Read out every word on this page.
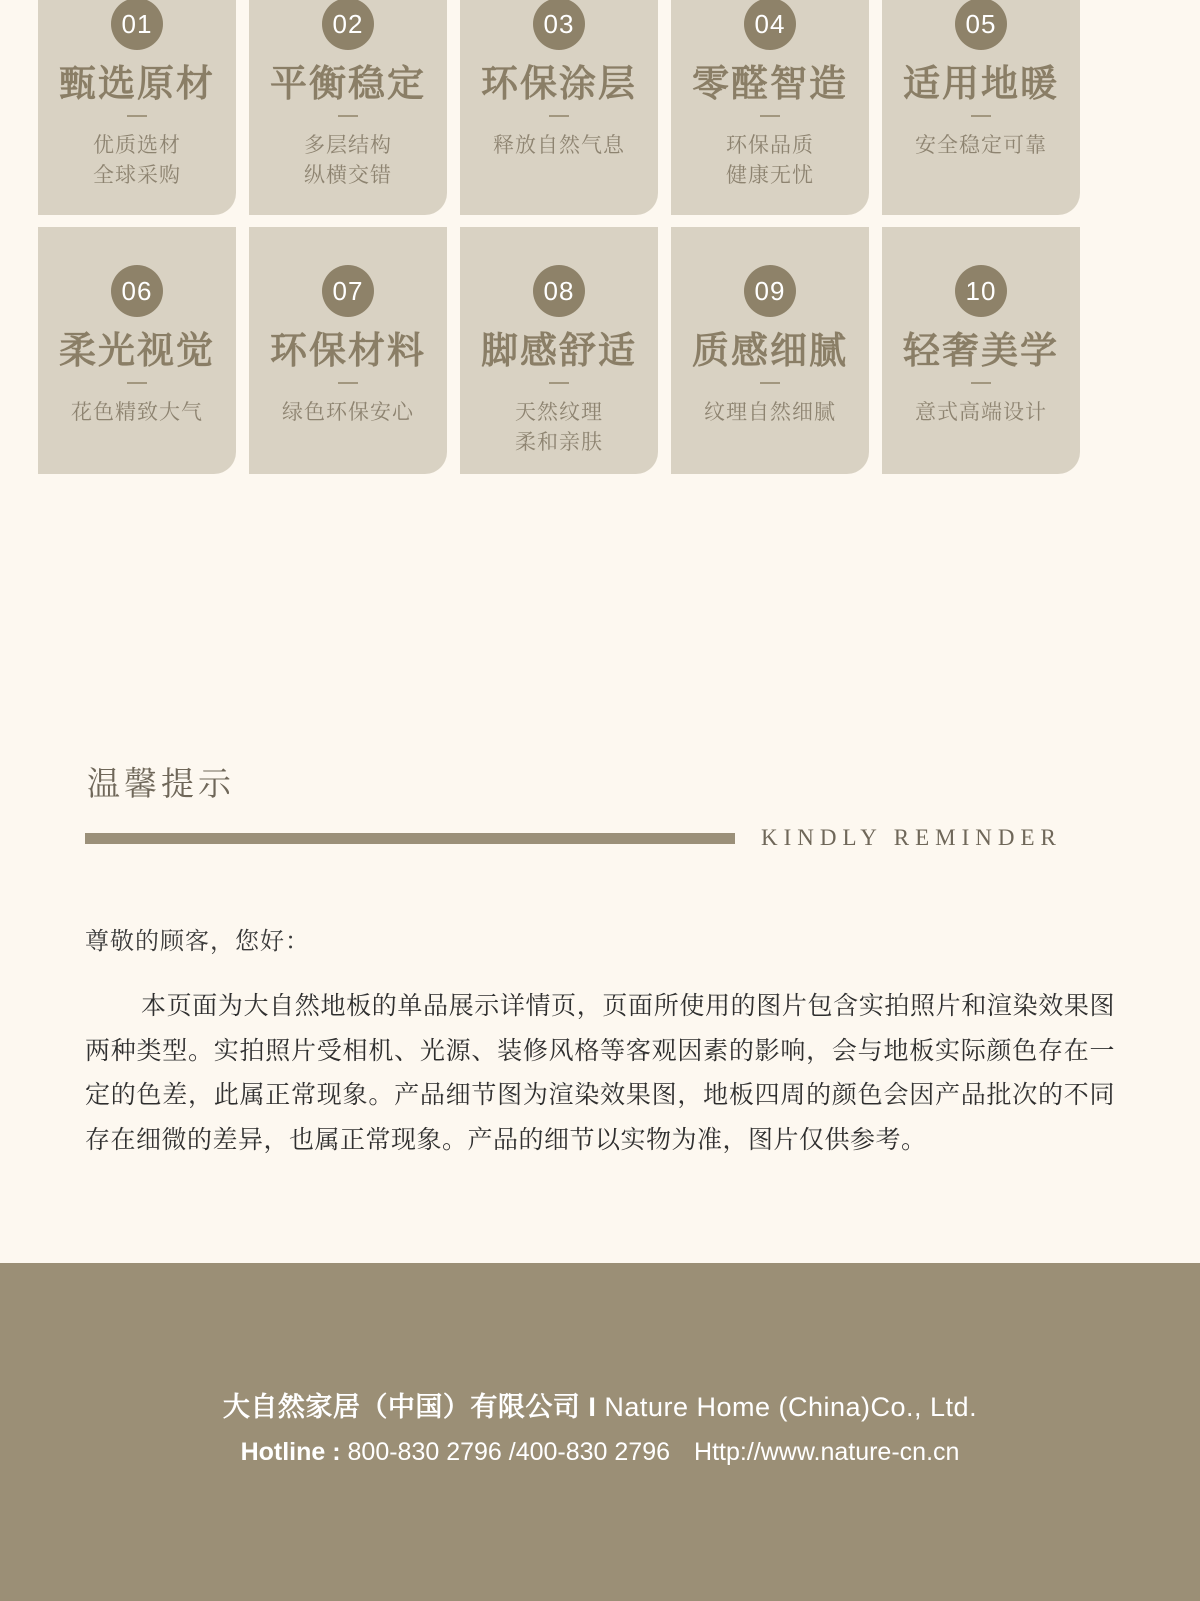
01
甄选原材
优质选材
全球采购
02
平衡稳定
多层结构
纵横交错
03
环保涂层
释放自然气息
04
零醛智造
环保品质
健康无忧
05
适用地暖
安全稳定可靠
06
柔光视觉
花色精致大气
07
环保材料
绿色环保安心
08
脚感舒适
天然纹理
柔和亲肤
09
质感细腻
纹理自然细腻
10
轻奢美学
意式高端设计
温馨提示
KINDLY REMINDER
尊敬的顾客，您好：
本页面为大自然地板的单品展示详情页，页面所使用的图片包含实拍照片和渲染效果图两种类型。实拍照片受相机、光源、装修风格等客观因素的影响，会与地板实际颜色存在一定的色差，此属正常现象。产品细节图为渲染效果图，地板四周的颜色会因产品批次的不同存在细微的差异，也属正常现象。产品的细节以实物为准，图片仅供参考。
大自然家居（中国）有限公司 I Nature Home (China)Co., Ltd.
Hotline : 800-830 2796 /400-830 2796 Http://www.nature-cn.cn
